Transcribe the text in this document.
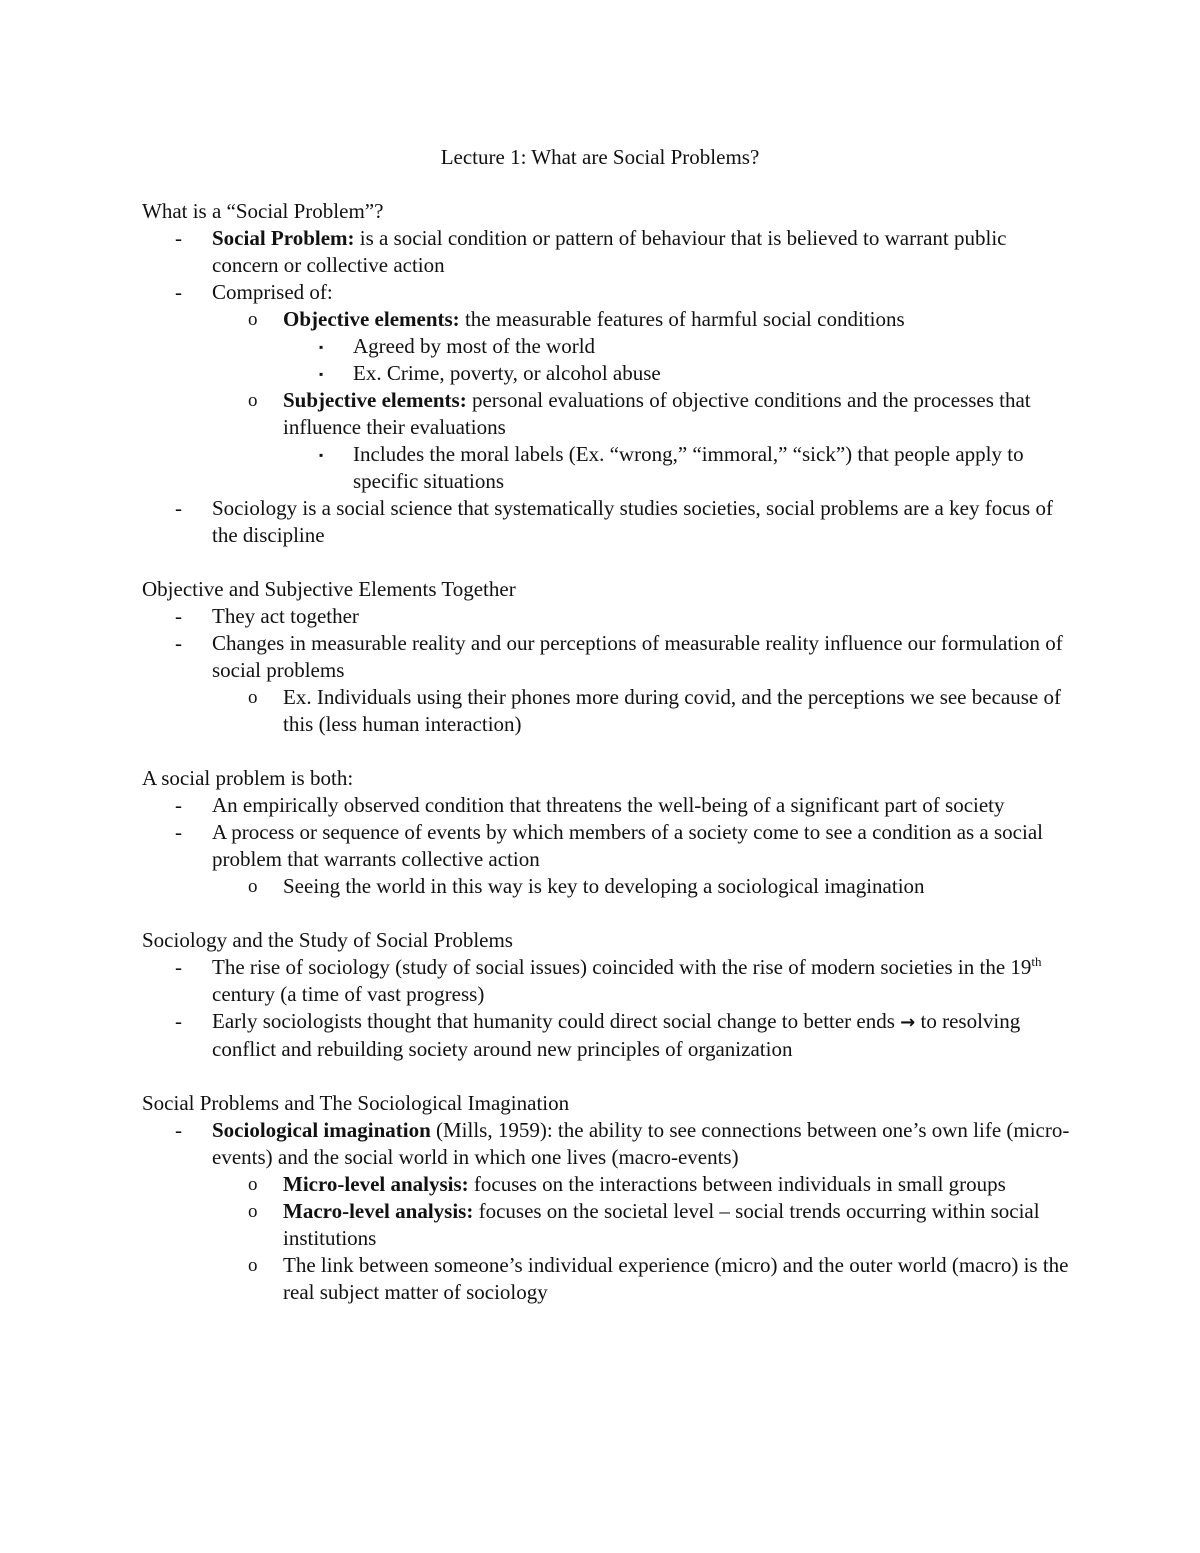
Lecture 1: What are Social Problems?

What is a “Social Problem”?

- Social Problem: is a social condition or pattern of behaviour that is believed to warrant public concern or collective action
- Comprised of:
o Objective elements: the measurable features of harmful social conditions
▪ Agreed by most of the world
▪ Ex. Crime, poverty, or alcohol abuse
o Subjective elements: personal evaluations of objective conditions and the processes that influence their evaluations
▪ Includes the moral labels (Ex. “wrong,” “immoral,” “sick”) that people apply to specific situations
- Sociology is a social science that systematically studies societies, social problems are a key focus of the discipline

Objective and Subjective Elements Together

- They act together
- Changes in measurable reality and our perceptions of measurable reality influence our formulation of social problems
o Ex. Individuals using their phones more during covid, and the perceptions we see because of this (less human interaction)

A social problem is both:

- An empirically observed condition that threatens the well-being of a significant part of society
- A process or sequence of events by which members of a society come to see a condition as a social problem that warrants collective action
o Seeing the world in this way is key to developing a sociological imagination

Sociology and the Study of Social Problems

- The rise of sociology (study of social issues) coincided with the rise of modern societies in the 19th century (a time of vast progress)
- Early sociologists thought that humanity could direct social change to better ends → to resolving conflict and rebuilding society around new principles of organization

Social Problems and The Sociological Imagination

- Sociological imagination (Mills, 1959): the ability to see connections between one’s own life (micro-events) and the social world in which one lives (macro-events)
o Micro-level analysis: focuses on the interactions between individuals in small groups
o Macro-level analysis: focuses on the societal level – social trends occurring within social institutions
o The link between someone’s individual experience (micro) and the outer world (macro) is the real subject matter of sociology
